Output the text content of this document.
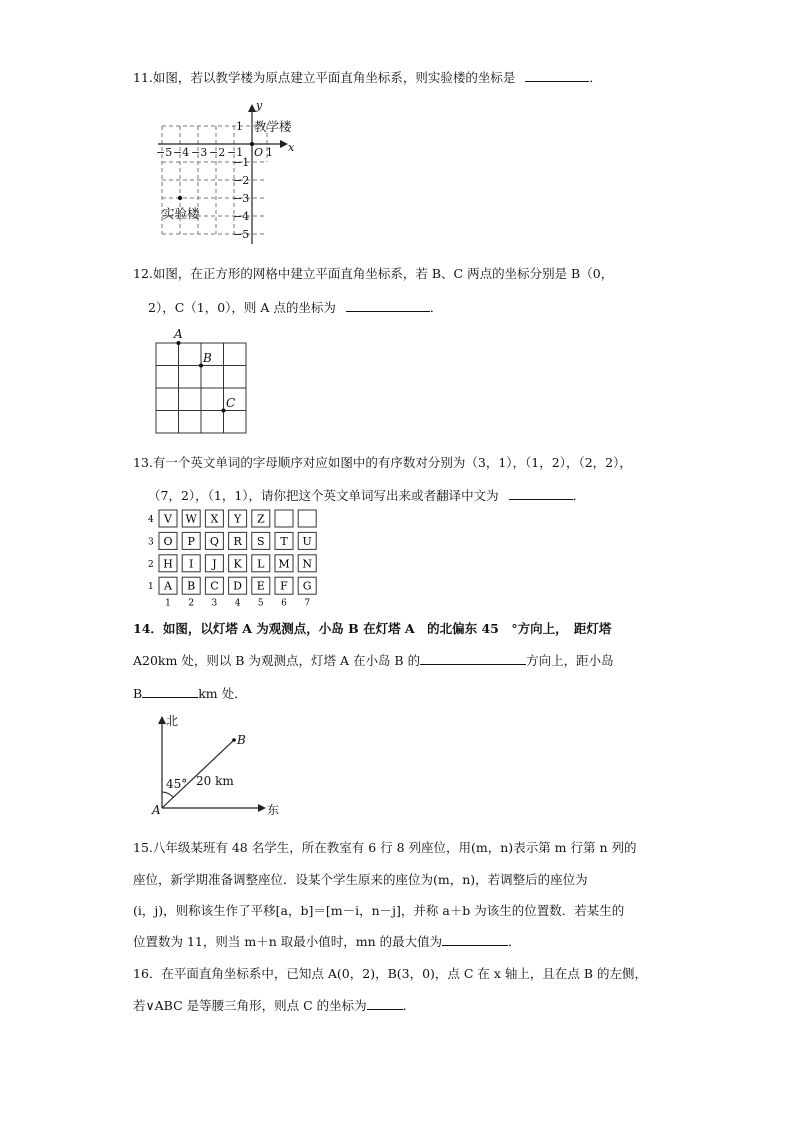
11.如图，若以教学楼为原点建立平面直角坐标系，则实验楼的坐标是	．
y
x
−5 −4 −3 −2 −1 O 1
1
−1
−2
−3
−4
−5
教学楼
实验楼
12.如图，在正方形的网格中建立平面直角坐标系，若 B、C 两点的坐标分别是 B（0，
2），C（1，0），则 A 点的坐标为	．
A
B
C
13.有一个英文单词的字母顺序对应如图中的有序数对分别为（3，1），（1，2），（2，2），
（7，2），（1，1），请你把这个英文单词写出来或者翻译中文为	．
4 V W X Y Z
3 O P Q R S T U
2 H I J K L M N
1 A B C D E F G
1 2 3 4 5 6 7
14．如图，以灯塔 A 为观测点，小岛 B 在灯塔 A　的北偏东 45　°方向上，　距灯塔
A20km 处，则以 B 为观测点，灯塔 A 在小岛 B 的	方向上，距小岛
B	km 处．
北
东
A
B
45° 20 km
15.八年级某班有 48 名学生，所在教室有 6 行 8 列座位，用(m，n)表示第 m 行第 n 列的
座位，新学期准备调整座位．设某个学生原来的座位为(m，n)，若调整后的座位为
(i，j)，则称该生作了平移[a，b]＝[m－i，n－j]，并称 a＋b 为该生的位置数．若某生的
位置数为 11，则当 m＋n 取最小值时，mn 的最大值为	．
16．在平面直角坐标系中，已知点 A(0，2)，B(3，0)，点 C 在 x 轴上，且在点 B 的左侧，
若∨ABC 是等腰三角形，则点 C 的坐标为	．
